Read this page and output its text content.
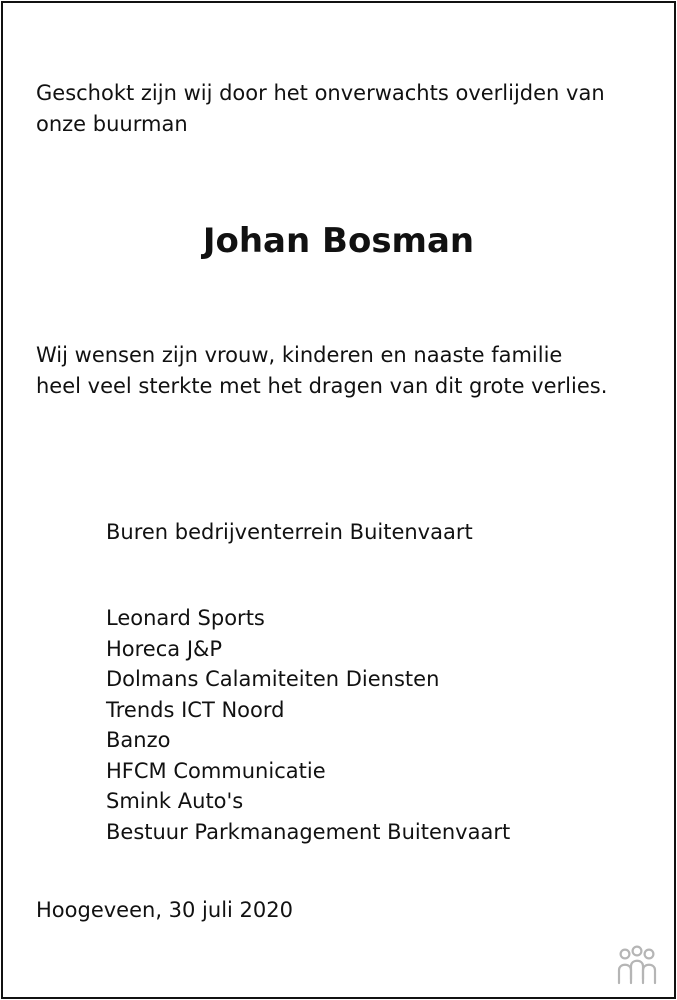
Geschokt zijn wij door het onverwachts overlijden van
onze buurman
Johan Bosman
Wij wensen zijn vrouw, kinderen en naaste familie
heel veel sterkte met het dragen van dit grote verlies.
Buren bedrijventerrein Buitenvaart
Leonard Sports
Horeca J&P
Dolmans Calamiteiten Diensten
Trends ICT Noord
Banzo
HFCM Communicatie
Smink Auto's
Bestuur Parkmanagement Buitenvaart
Hoogeveen, 30 juli 2020
